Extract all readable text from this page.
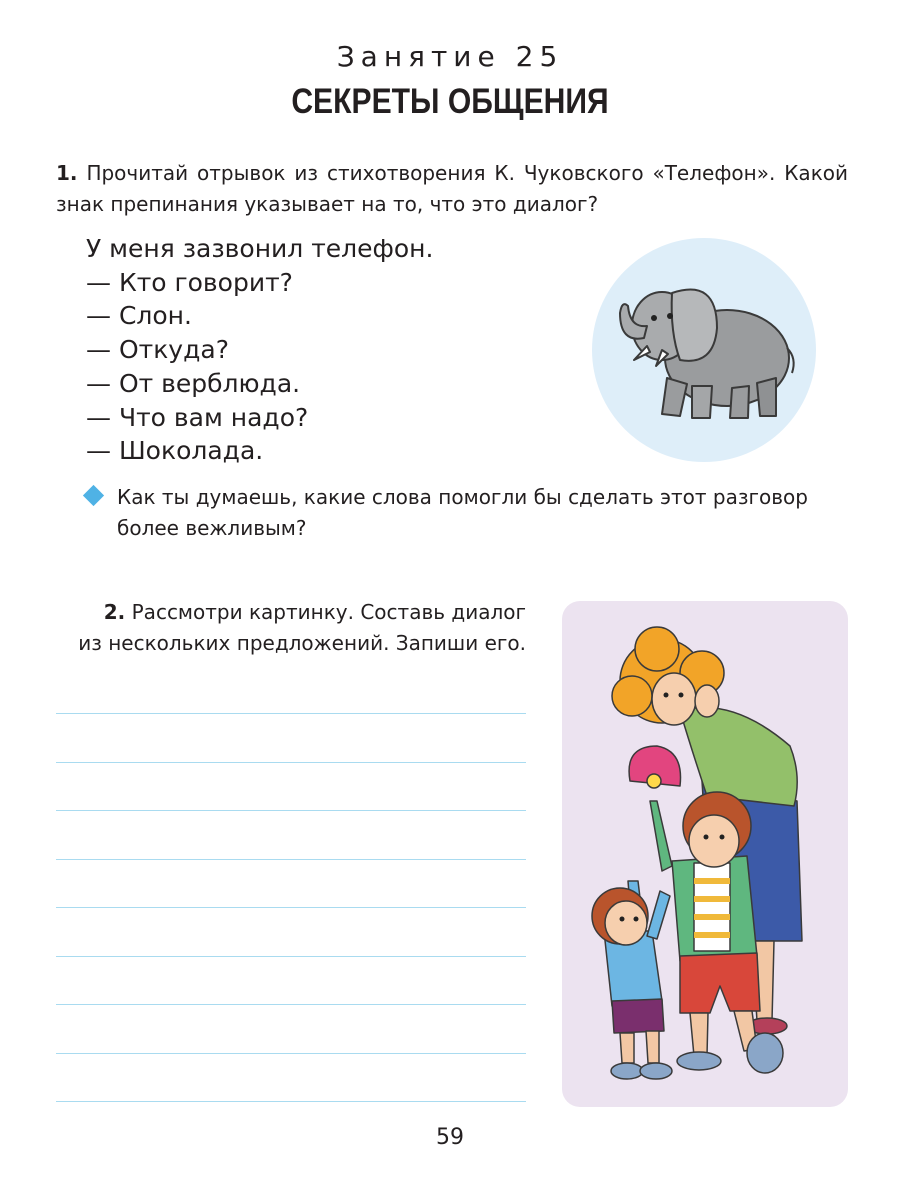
Занятие 25
СЕКРЕТЫ ОБЩЕНИЯ
1. Прочитай отрывок из стихотворения К. Чуковского «Телефон». Какой знак препинания указывает на то, что это диалог?
У меня зазвонил телефон.
— Кто говорит?
— Слон.
— Откуда?
— От верблюда.
— Что вам надо?
— Шоколада.
Как ты думаешь, какие слова помогли бы сделать этот разговор более вежливым?
2. Рассмотри картинку. Составь диалог
из нескольких предложений. Запиши его.
59
